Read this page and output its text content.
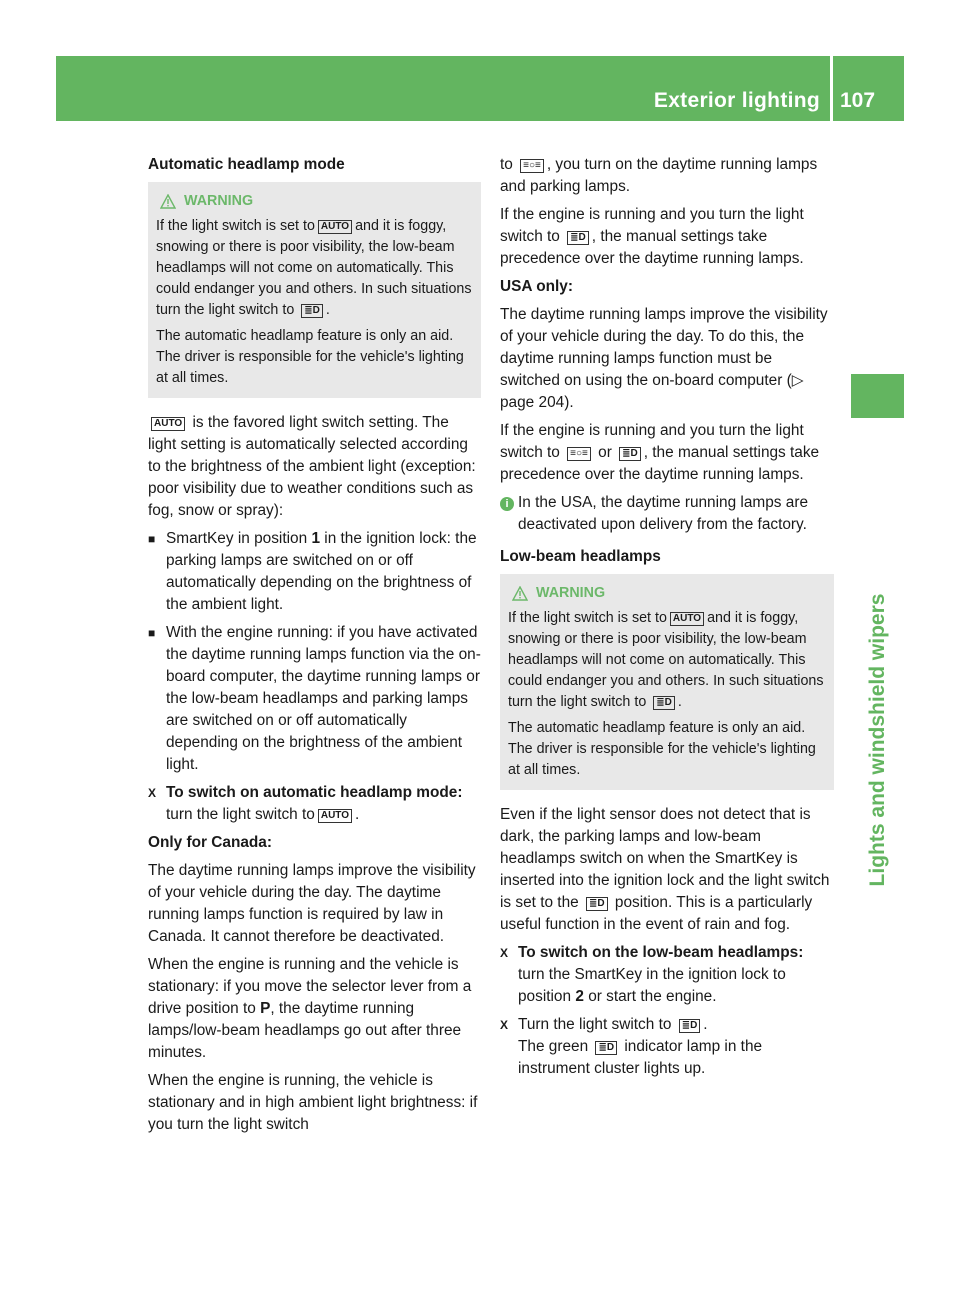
Exterior lighting 107
Lights and windshield wipers
Automatic headlamp mode
WARNING

If the light switch is set to AUTO and it is foggy, snowing or there is poor visibility, the low-beam headlamps will not come on automatically. This could endanger you and others. In such situations turn the light switch to ≣D .

The automatic headlamp feature is only an aid. The driver is responsible for the vehicle's lighting at all times.

AUTO is the favored light switch setting. The light setting is automatically selected according to the brightness of the ambient light (exception: poor visibility due to weather conditions such as fog, snow or spray):

■ SmartKey in position 1 in the ignition lock: the parking lamps are switched on or off automatically depending on the brightness of the ambient light.
■ With the engine running: if you have activated the daytime running lamps function via the on-board computer, the daytime running lamps or the low-beam headlamps and parking lamps are switched on or off automatically depending on the brightness of the ambient light.
X To switch on automatic headlamp mode: turn the light switch to AUTO .
Only for Canada:

The daytime running lamps improve the visibility of your vehicle during the day. The daytime running lamps function is required by law in Canada. It cannot therefore be deactivated.

When the engine is running and the vehicle is stationary: if you move the selector lever from a drive position to P, the daytime running lamps/low-beam headlamps go out after three minutes.

When the engine is running, the vehicle is stationary and in high ambient light brightness: if you turn the light switch

to ≡○≡ , you turn on the daytime running lamps and parking lamps.

If the engine is running and you turn the light switch to ≣D , the manual settings take precedence over the daytime running lamps.

USA only:

The daytime running lamps improve the visibility of your vehicle during the day. To do this, the daytime running lamps function must be switched on using the on-board computer (▷ page 204).

If the engine is running and you turn the light switch to ≡○≡ or ≣D , the manual settings take precedence over the daytime running lamps.

i In the USA, the daytime running lamps are deactivated upon delivery from the factory.
Low-beam headlamps
WARNING

If the light switch is set to AUTO and it is foggy, snowing or there is poor visibility, the low-beam headlamps will not come on automatically. This could endanger you and others. In such situations turn the light switch to ≣D .

The automatic headlamp feature is only an aid. The driver is responsible for the vehicle's lighting at all times.

Even if the light sensor does not detect that is dark, the parking lamps and low-beam headlamps switch on when the SmartKey is inserted into the ignition lock and the light switch is set to the ≣D position. This is a particularly useful function in the event of rain and fog.

X To switch on the low-beam headlamps: turn the SmartKey in the ignition lock to position 2 or start the engine.
X Turn the light switch to ≣D .
The green ≣D indicator lamp in the instrument cluster lights up.
